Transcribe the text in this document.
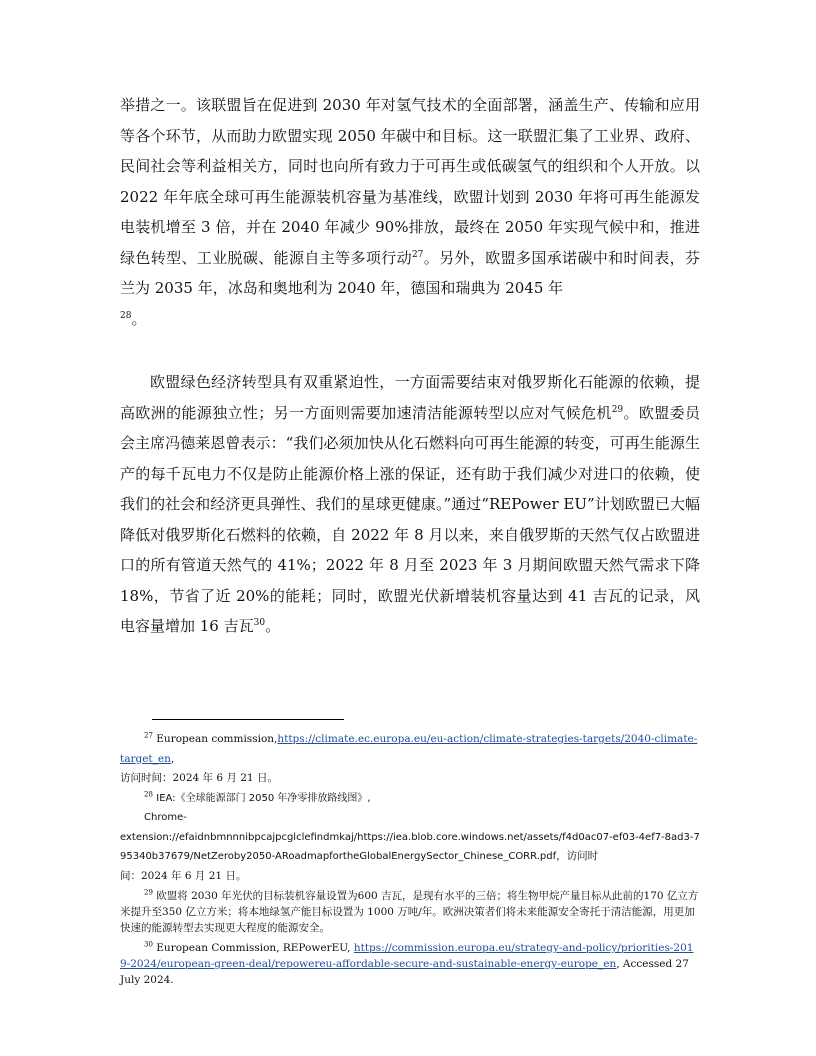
举措之一。该联盟旨在促进到 2030 年对氢气技术的全面部署，涵盖生产、传输和应用等各个环节，从而助力欧盟实现 2050 年碳中和目标。这一联盟汇集了工业界、政府、民间社会等利益相关方，同时也向所有致力于可再生或低碳氢气的组织和个人开放。以 2022 年年底全球可再生能源装机容量为基准线，欧盟计划到 2030 年将可再生能源发电装机增至 3 倍，并在 2040 年减少 90%排放，最终在 2050 年实现气候中和，推进绿色转型、工业脱碳、能源自主等多项行动$^{27}$。另外，欧盟多国承诺碳中和时间表，芬兰为 2035 年，冰岛和奥地利为 2040 年，德国和瑞典为 2045 年
$^{28}$。

欧盟绿色经济转型具有双重紧迫性，一方面需要结束对俄罗斯化石能源的依赖，提高欧洲的能源独立性；另一方面则需要加速清洁能源转型以应对气候危机$^{29}$。欧盟委员会主席冯德莱恩曾表示：“我们必须加快从化石燃料向可再生能源的转变，可再生能源生产的每千瓦电力不仅是防止能源价格上涨的保证，还有助于我们减少对进口的依赖，使我们的社会和经济更具弹性、我们的星球更健康。”通过“REPower EU”计划欧盟已大幅降低对俄罗斯化石燃料的依赖，自 2022 年 8 月以来，来自俄罗斯的天然气仅占欧盟进口的所有管道天然气的 41%；2022 年 8 月至 2023 年 3 月期间欧盟天然气需求下降 18%，节省了近 20%的能耗；同时，欧盟光伏新增装机容量达到 41 吉瓦的记录，风电容量增加 16 吉瓦$^{30}$。

$^{27}$ European commission,https://climate.ec.europa.eu/eu-action/climate-strategies-targets/2040-climate-target_en,
访问时间：2024 年 6 月 21 日。

$^{28}$ IEA:《全球能源部门 2050 年净零排放路线图》,
Chrome-
extension://efaidnbmnnnibpcajpcglclefindmkaj/https://iea.blob.core.windows.net/assets/f4d0ac07-ef03-4ef7-8ad3-795340b37679/NetZeroby2050-ARoadmapfortheGlobalEnergySector_Chinese_CORR.pdf，访问时
间：2024 年 6 月 21 日。

$^{29}$ 欧盟将 2030 年光伏的目标装机容量设置为600 吉瓦，是现有水平的三倍；将生物甲烷产量目标从此前的170 亿立方米提升至350 亿立方米；将本地绿氢产能目标设置为 1000 万吨/年。欧洲决策者们将未来能源安全寄托于清洁能源，用更加快速的能源转型去实现更大程度的能源安全。

$^{30}$ European Commission, REPowerEU, https://commission.europa.eu/strategy-and-policy/priorities-2019-2024/european-green-deal/repowereu-affordable-secure-and-sustainable-energy-europe_en, Accessed 27 July 2024.
